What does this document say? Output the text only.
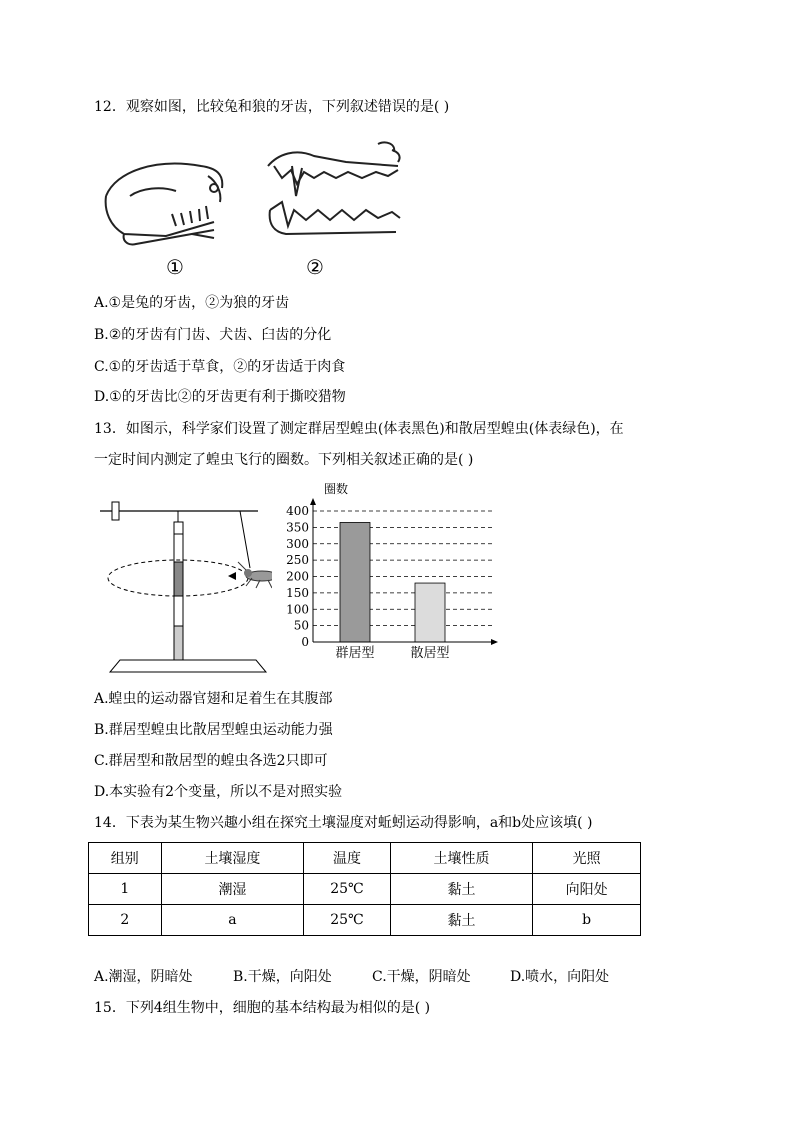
12．观察如图，比较兔和狼的牙齿，下列叙述错误的是( )
①	②
A.①是兔的牙齿，②为狼的牙齿
B.②的牙齿有门齿、犬齿、臼齿的分化
C.①的牙齿适于草食，②的牙齿适于肉食
D.①的牙齿比②的牙齿更有利于撕咬猎物
13．如图示，科学家们设置了测定群居型蝗虫(体表黑色)和散居型蝗虫(体表绿色)，在
一定时间内测定了蝗虫飞行的圈数。下列相关叙述正确的是( )
圈数
0
50
100
150
200
250
300
350
400
群居型	散居型
A.蝗虫的运动器官翅和足着生在其腹部
B.群居型蝗虫比散居型蝗虫运动能力强
C.群居型和散居型的蝗虫各选2只即可
D.本实验有2个变量，所以不是对照实验
14．下表为某生物兴趣小组在探究土壤湿度对蚯蚓运动得影响，a和b处应该填( )
组别	土壤湿度	温度	土壤性质	光照
1	潮湿	25℃	黏土	向阳处
2	a	25℃	黏土	b
A.潮湿，阴暗处	B.干燥，向阳处	C.干燥，阴暗处	D.喷水，向阳处
15．下列4组生物中，细胞的基本结构最为相似的是( )
